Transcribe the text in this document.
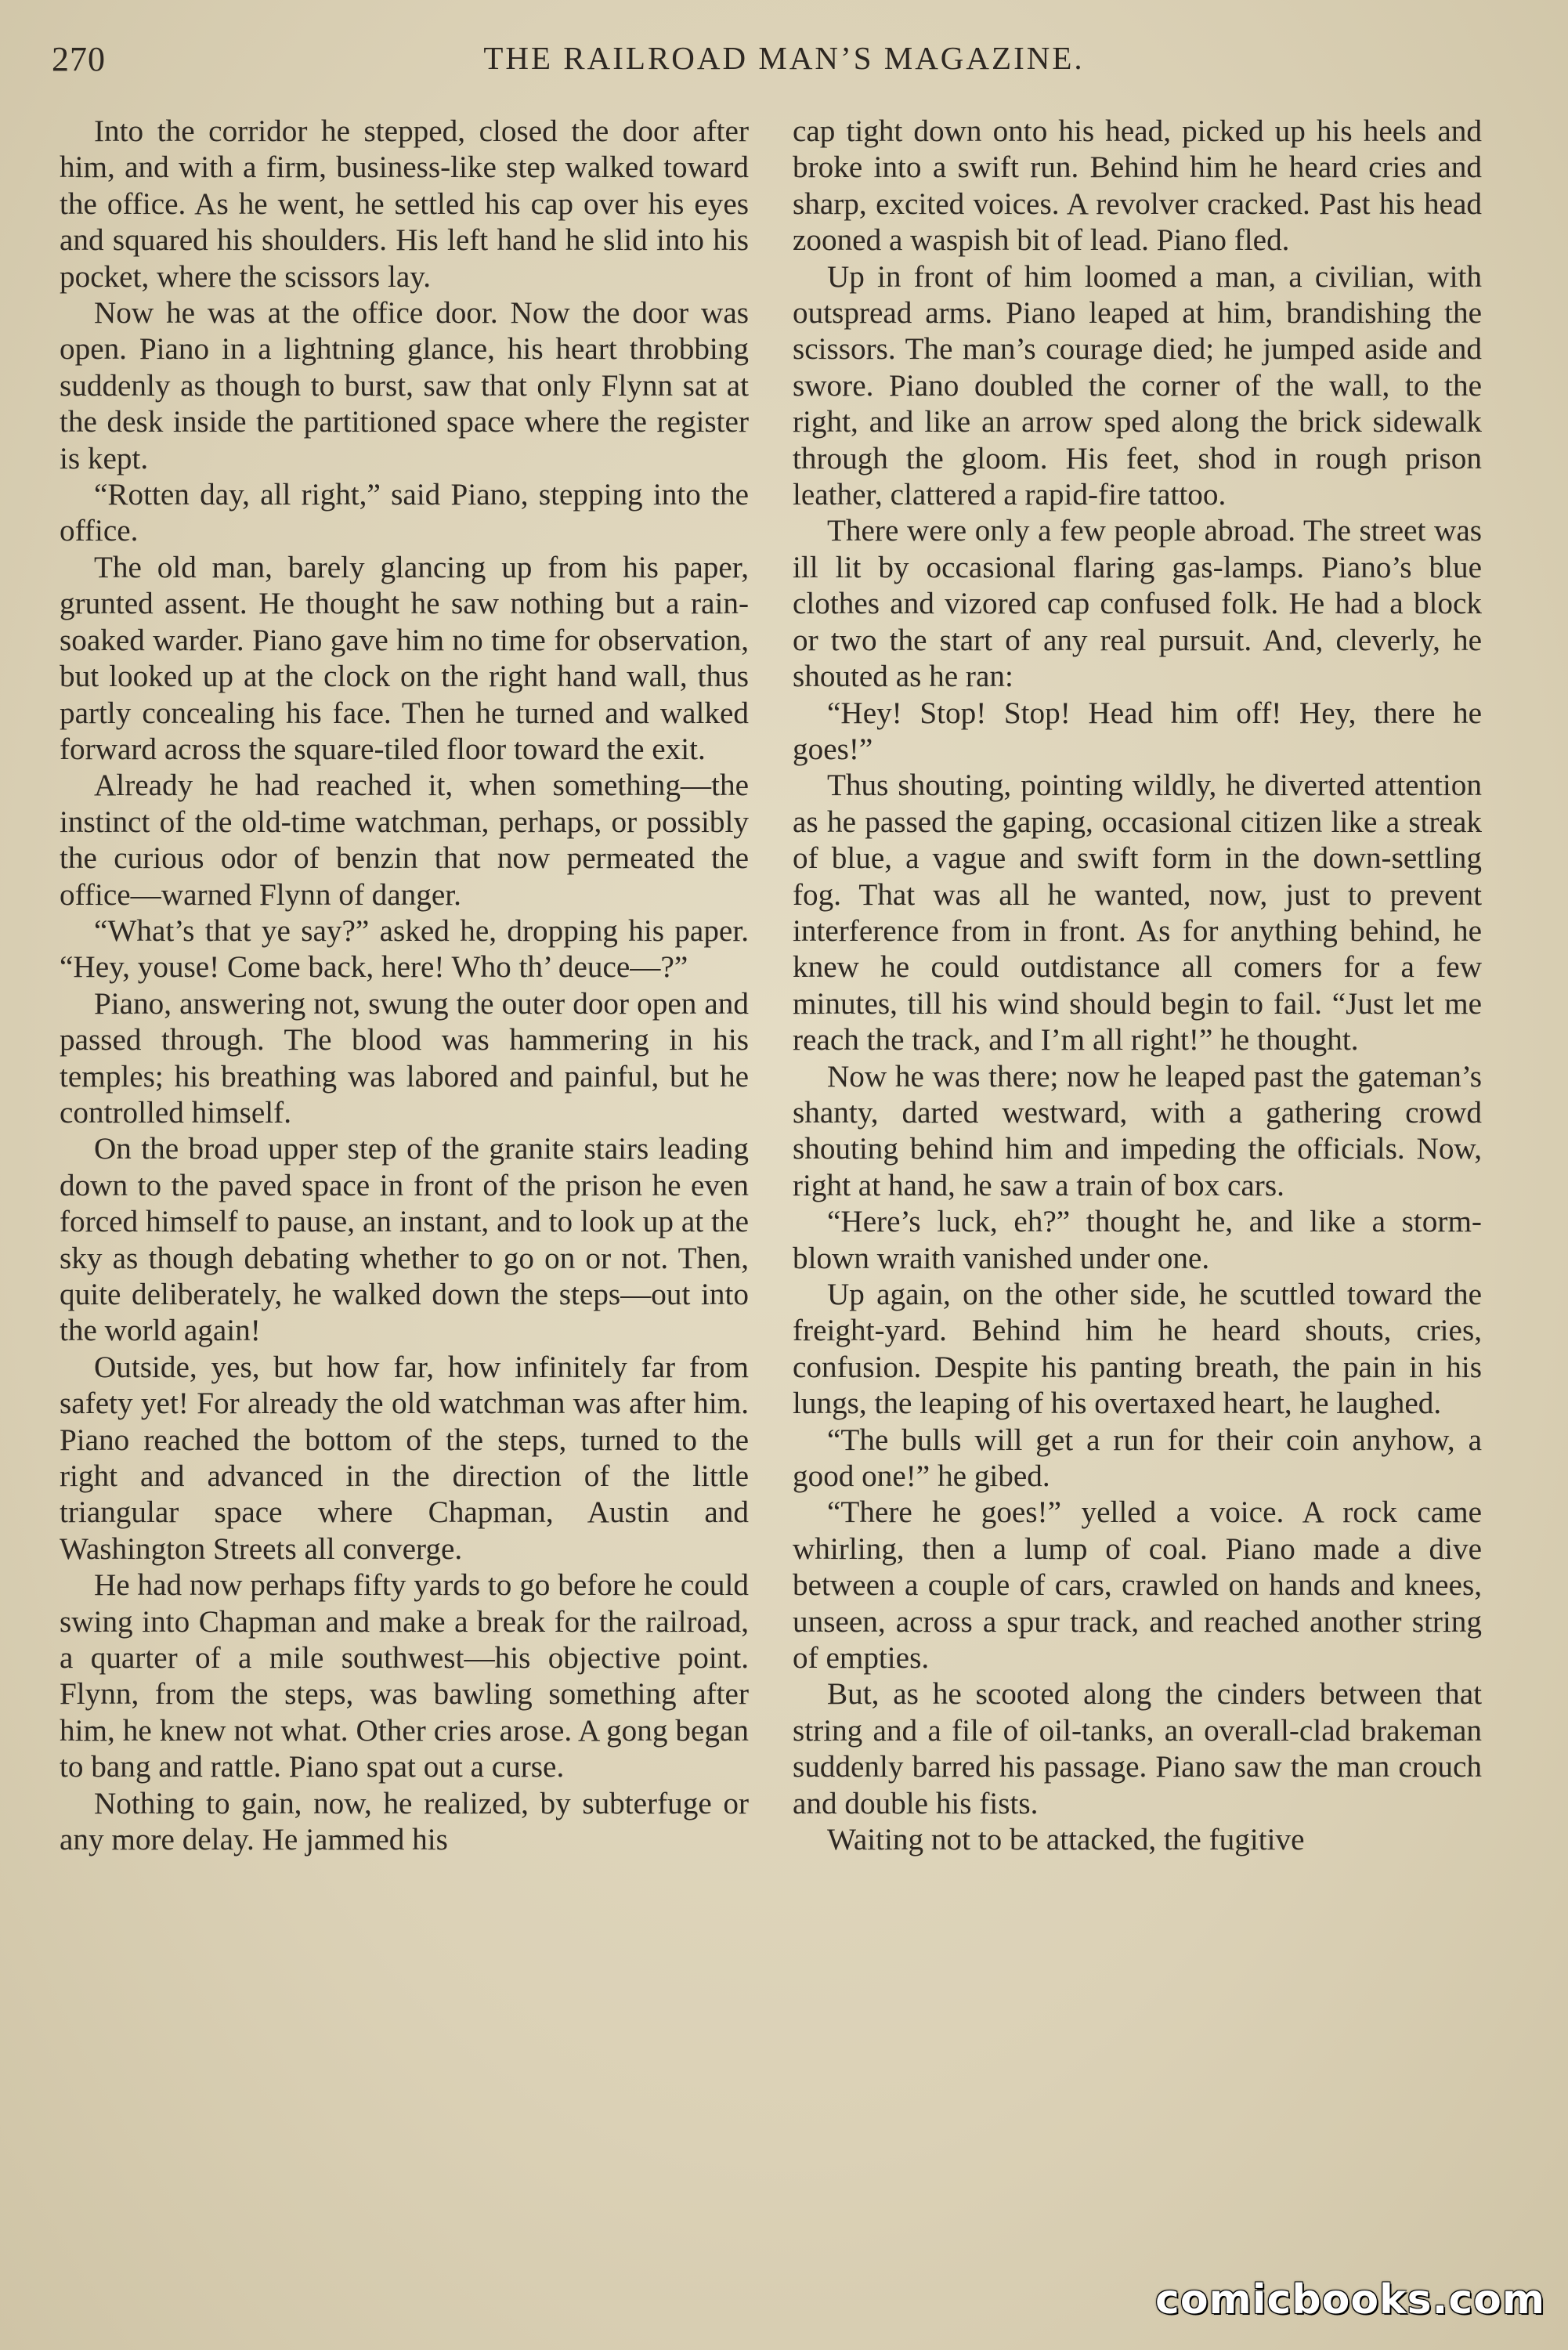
270	THE RAILROAD MAN’S MAGAZINE.

Into the corridor he stepped, closed the door after him, and with a firm, business-like step walked toward the office. As he went, he settled his cap over his eyes and squared his shoulders. His left hand he slid into his pocket, where the scissors lay.

Now he was at the office door. Now the door was open. Piano in a lightning glance, his heart throbbing suddenly as though to burst, saw that only Flynn sat at the desk inside the partitioned space where the register is kept.

“Rotten day, all right,” said Piano, stepping into the office.

The old man, barely glancing up from his paper, grunted assent. He thought he saw nothing but a rain-soaked warder. Piano gave him no time for observation, but looked up at the clock on the right hand wall, thus partly concealing his face. Then he turned and walked forward across the square-tiled floor toward the exit.

Already he had reached it, when something—the instinct of the old-time watchman, perhaps, or possibly the curious odor of benzin that now permeated the office—warned Flynn of danger.

“What’s that ye say?” asked he, dropping his paper. “Hey, youse! Come back, here! Who th’ deuce—?”

Piano, answering not, swung the outer door open and passed through. The blood was hammering in his temples; his breathing was labored and painful, but he controlled himself.

On the broad upper step of the granite stairs leading down to the paved space in front of the prison he even forced himself to pause, an instant, and to look up at the sky as though debating whether to go on or not. Then, quite deliberately, he walked down the steps—out into the world again!

Outside, yes, but how far, how infinitely far from safety yet! For already the old watchman was after him. Piano reached the bottom of the steps, turned to the right and advanced in the direction of the little triangular space where Chapman, Austin and Washington Streets all converge.

He had now perhaps fifty yards to go before he could swing into Chapman and make a break for the railroad, a quarter of a mile southwest—his objective point. Flynn, from the steps, was bawling something after him, he knew not what. Other cries arose. A gong began to bang and rattle. Piano spat out a curse.

Nothing to gain, now, he realized, by subterfuge or any more delay. He jammed his

cap tight down onto his head, picked up his heels and broke into a swift run. Behind him he heard cries and sharp, excited voices. A revolver cracked. Past his head zooned a waspish bit of lead. Piano fled.

Up in front of him loomed a man, a civilian, with outspread arms. Piano leaped at him, brandishing the scissors. The man’s courage died; he jumped aside and swore. Piano doubled the corner of the wall, to the right, and like an arrow sped along the brick sidewalk through the gloom. His feet, shod in rough prison leather, clattered a rapid-fire tattoo.

There were only a few people abroad. The street was ill lit by occasional flaring gas-lamps. Piano’s blue clothes and vizored cap confused folk. He had a block or two the start of any real pursuit. And, cleverly, he shouted as he ran:

“Hey! Stop! Stop! Head him off! Hey, there he goes!”

Thus shouting, pointing wildly, he diverted attention as he passed the gaping, occasional citizen like a streak of blue, a vague and swift form in the down-settling fog. That was all he wanted, now, just to prevent interference from in front. As for anything behind, he knew he could outdistance all comers for a few minutes, till his wind should begin to fail. “Just let me reach the track, and I’m all right!” he thought.

Now he was there; now he leaped past the gateman’s shanty, darted westward, with a gathering crowd shouting behind him and impeding the officials. Now, right at hand, he saw a train of box cars.

“Here’s luck, eh?” thought he, and like a storm-blown wraith vanished under one.

Up again, on the other side, he scuttled toward the freight-yard. Behind him he heard shouts, cries, confusion. Despite his panting breath, the pain in his lungs, the leaping of his overtaxed heart, he laughed.

“The bulls will get a run for their coin anyhow, a good one!” he gibed.

“There he goes!” yelled a voice. A rock came whirling, then a lump of coal. Piano made a dive between a couple of cars, crawled on hands and knees, unseen, across a spur track, and reached another string of empties.

But, as he scooted along the cinders between that string and a file of oil-tanks, an overall-clad brakeman suddenly barred his passage. Piano saw the man crouch and double his fists.

Waiting not to be attacked, the fugitive

comicbooks.com
